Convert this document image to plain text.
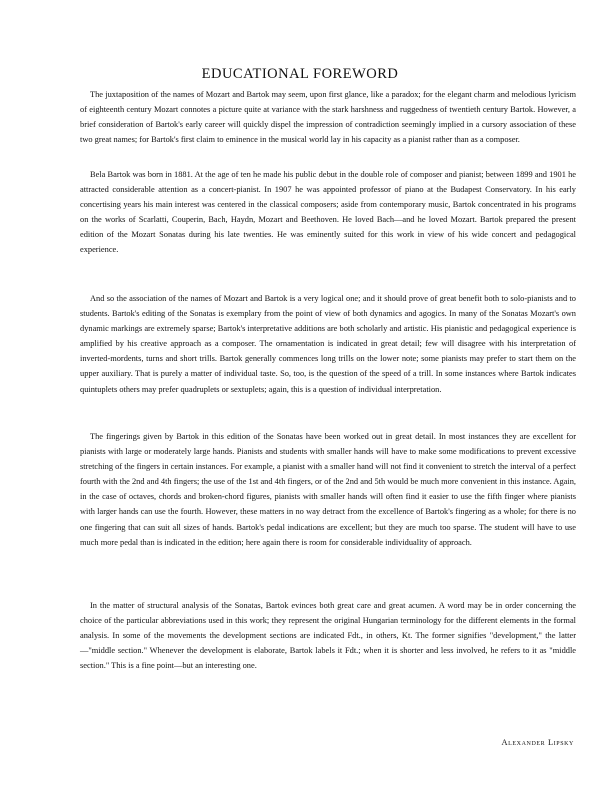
EDUCATIONAL FOREWORD

The juxtaposition of the names of Mozart and Bartok may seem, upon first glance, like a paradox; for the elegant charm and melodious lyricism of eighteenth century Mozart connotes a picture quite at variance with the stark harshness and ruggedness of twentieth century Bartok. However, a brief consideration of Bartok's early career will quickly dispel the impression of contradiction seemingly implied in a cursory association of these two great names; for Bartok's first claim to eminence in the musical world lay in his capacity as a pianist rather than as a composer.

Bela Bartok was born in 1881. At the age of ten he made his public debut in the double role of composer and pianist; between 1899 and 1901 he attracted considerable attention as a concert-pianist. In 1907 he was appointed professor of piano at the Budapest Conservatory. In his early concertising years his main interest was centered in the classical composers; aside from contemporary music, Bartok concentrated in his programs on the works of Scarlatti, Couperin, Bach, Haydn, Mozart and Beethoven. He loved Bach—and he loved Mozart. Bartok prepared the present edition of the Mozart Sonatas during his late twenties. He was eminently suited for this work in view of his wide concert and pedagogical experience.

And so the association of the names of Mozart and Bartok is a very logical one; and it should prove of great benefit both to solo-pianists and to students. Bartok's editing of the Sonatas is exemplary from the point of view of both dynamics and agogics. In many of the Sonatas Mozart's own dynamic markings are extremely sparse; Bartok's interpretative additions are both scholarly and artistic. His pianistic and pedagogical experience is amplified by his creative approach as a composer. The ornamentation is indicated in great detail; few will disagree with his interpretation of inverted-mordents, turns and short trills. Bartok generally commences long trills on the lower note; some pianists may prefer to start them on the upper auxiliary. That is purely a matter of individual taste. So, too, is the question of the speed of a trill. In some instances where Bartok indicates quintuplets others may prefer quadruplets or sextuplets; again, this is a question of individual interpretation.

The fingerings given by Bartok in this edition of the Sonatas have been worked out in great detail. In most instances they are excellent for pianists with large or moderately large hands. Pianists and students with smaller hands will have to make some modifications to prevent excessive stretching of the fingers in certain instances. For example, a pianist with a smaller hand will not find it convenient to stretch the interval of a perfect fourth with the 2nd and 4th fingers; the use of the 1st and 4th fingers, or of the 2nd and 5th would be much more convenient in this instance. Again, in the case of octaves, chords and broken-chord figures, pianists with smaller hands will often find it easier to use the fifth finger where pianists with larger hands can use the fourth. However, these matters in no way detract from the excellence of Bartok's fingering as a whole; for there is no one fingering that can suit all sizes of hands. Bartok's pedal indications are excellent; but they are much too sparse. The student will have to use much more pedal than is indicated in the edition; here again there is room for considerable individuality of approach.

In the matter of structural analysis of the Sonatas, Bartok evinces both great care and great acumen. A word may be in order concerning the choice of the particular abbreviations used in this work; they represent the original Hungarian terminology for the different elements in the formal analysis. In some of the movements the development sections are indicated Fdt., in others, Kt. The former signifies "development," the latter—"middle section." Whenever the development is elaborate, Bartok labels it Fdt.; when it is shorter and less involved, he refers to it as "middle section." This is a fine point—but an interesting one.

Alexander Lipsky
